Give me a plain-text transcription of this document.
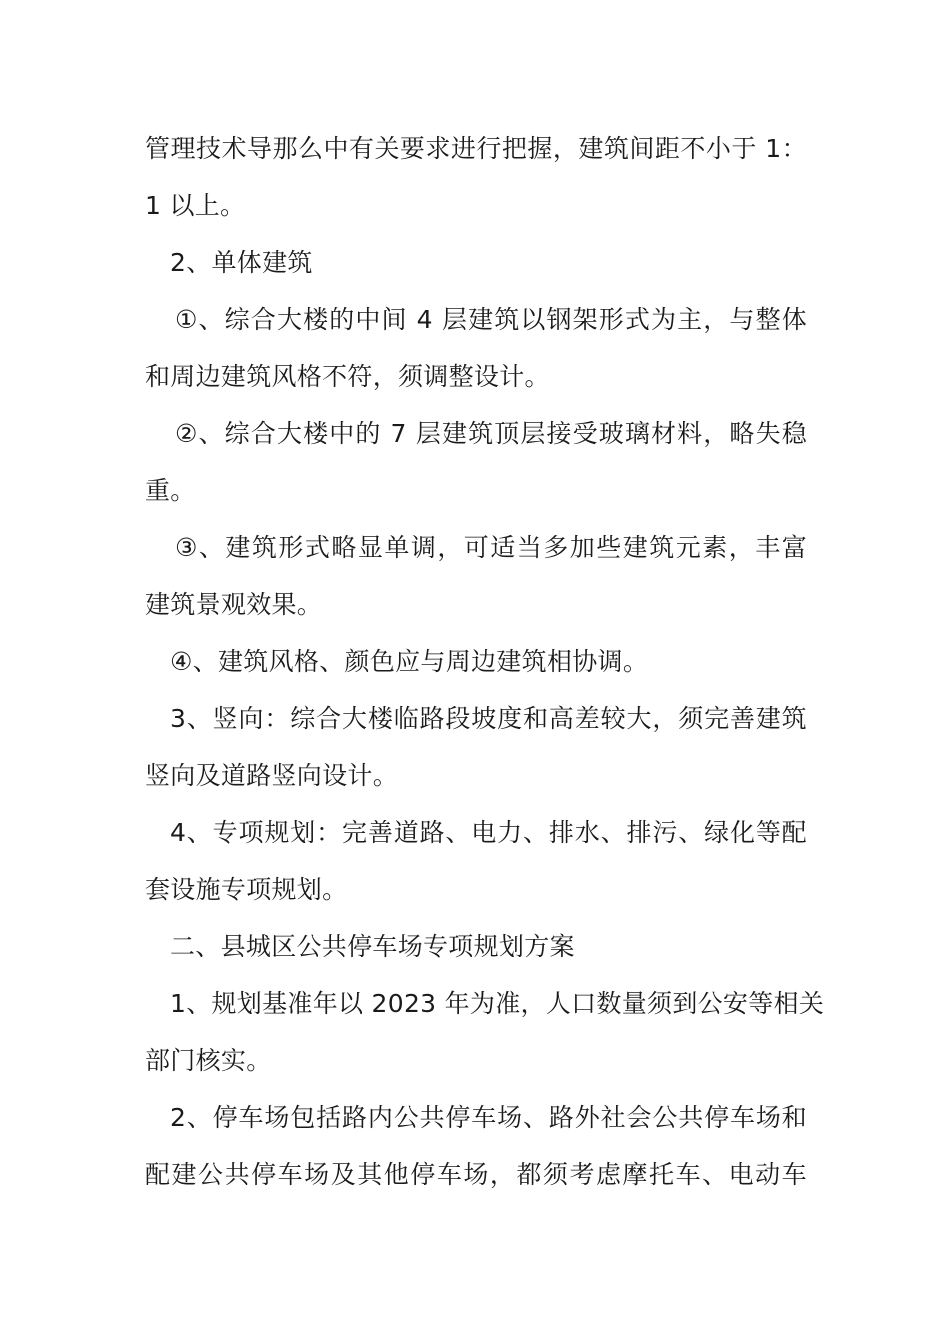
管理技术导那么中有关要求进行把握，建筑间距不小于 1：
1 以上。
2、单体建筑
①、综合大楼的中间 4 层建筑以钢架形式为主，与整体
和周边建筑风格不符，须调整设计。
②、综合大楼中的 7 层建筑顶层接受玻璃材料，略失稳
重。
③、建筑形式略显单调，可适当多加些建筑元素，丰富
建筑景观效果。
④、建筑风格、颜色应与周边建筑相协调。
3、竖向：综合大楼临路段坡度和高差较大，须完善建筑
竖向及道路竖向设计。
4、专项规划：完善道路、电力、排水、排污、绿化等配
套设施专项规划。
二、县城区公共停车场专项规划方案
1、规划基准年以 2023 年为准，人口数量须到公安等相关
部门核实。
2、停车场包括路内公共停车场、路外社会公共停车场和
配建公共停车场及其他停车场，都须考虑摩托车、电动车
